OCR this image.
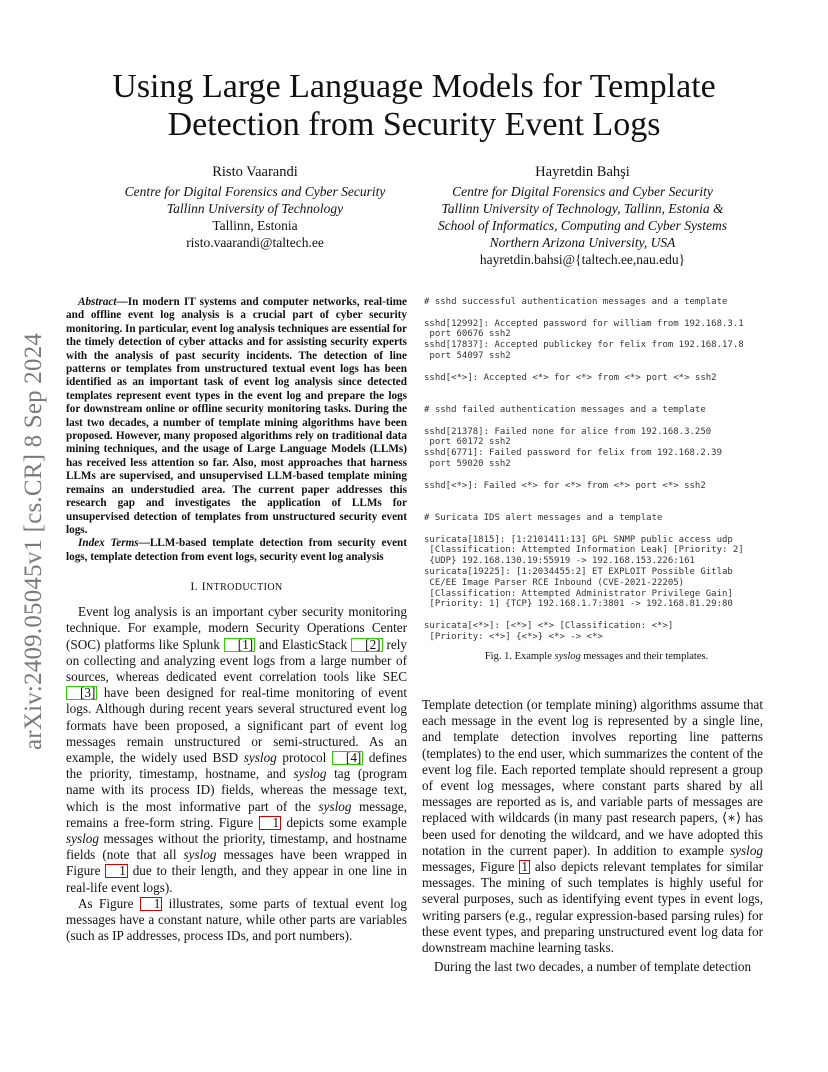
arXiv:2409.05045v1 [cs.CR] 8 Sep 2024
Using Large Language Models for Template
Detection from Security Event Logs
Risto Vaarandi
Centre for Digital Forensics and Cyber Security
Tallinn University of Technology
Tallinn, Estonia
risto.vaarandi@taltech.ee
Hayretdin Bahşi
Centre for Digital Forensics and Cyber Security
Tallinn University of Technology, Tallinn, Estonia &
School of Informatics, Computing and Cyber Systems
Northern Arizona University, USA
hayretdin.bahsi@{taltech.ee,nau.edu}
Abstract—In modern IT systems and computer networks, real-time and offline event log analysis is a crucial part of cyber security monitoring. In particular, event log analysis techniques are essential for the timely detection of cyber attacks and for assisting security experts with the analysis of past security incidents. The detection of line patterns or templates from unstructured textual event logs has been identified as an important task of event log analysis since detected templates represent event types in the event log and prepare the logs for downstream online or offline security monitoring tasks. During the last two decades, a number of template mining algorithms have been proposed. However, many proposed algorithms rely on traditional data mining techniques, and the usage of Large Language Models (LLMs) has received less attention so far. Also, most approaches that harness LLMs are supervised, and unsupervised LLM-based template mining remains an understudied area. The current paper addresses this research gap and investigates the application of LLMs for unsupervised detection of templates from unstructured security event logs.
Index Terms—LLM-based template detection from security event logs, template detection from event logs, security event log analysis
I. INTRODUCTION

Event log analysis is an important cyber security monitoring technique. For example, modern Security Operations Center (SOC) platforms like Splunk [1] and ElasticStack [2] rely on collecting and analyzing event logs from a large number of sources, whereas dedicated event correlation tools like SEC [3] have been designed for real-time monitoring of event logs. Although during recent years several structured event log formats have been proposed, a significant part of event log messages remain unstructured or semi-structured. As an example, the widely used BSD syslog protocol [4] defines the priority, timestamp, hostname, and syslog tag (program name with its process ID) fields, whereas the message text, which is the most informative part of the syslog message, remains a free-form string. Figure 1 depicts some example syslog messages without the priority, timestamp, and hostname fields (note that all syslog messages have been wrapped in Figure 1 due to their length, and they appear in one line in real-life event logs).

As Figure 1 illustrates, some parts of textual event log messages have a constant nature, while other parts are variables (such as IP addresses, process IDs, and port numbers).

# sshd successful authentication messages and a template
sshd[12992]: Accepted password for william from 192.168.3.1
port 60676 ssh2
sshd[17837]: Accepted publickey for felix from 192.168.17.8
port 54097 ssh2
sshd[<*>]: Accepted <*> for <*> from <*> port <*> ssh2
# sshd failed authentication messages and a template
sshd[21378]: Failed none for alice from 192.168.3.250
port 60172 ssh2
sshd[6771]: Failed password for felix from 192.168.2.39
port 59020 ssh2
sshd[<*>]: Failed <*> for <*> from <*> port <*> ssh2
# Suricata IDS alert messages and a template
suricata[1815]: [1:2101411:13] GPL SNMP public access udp
[Classification: Attempted Information Leak] [Priority: 2]
{UDP} 192.168.130.19:55919 -> 192.168.153.226:161
suricata[19225]: [1:2034455:2] ET EXPLOIT Possible Gitlab
CE/EE Image Parser RCE Inbound (CVE-2021-22205)
[Classification: Attempted Administrator Privilege Gain]
[Priority: 1] {TCP} 192.168.1.7:3801 -> 192.168.81.29:80
suricata[<*>]: [<*>] <*> [Classification: <*>]
[Priority: <*>] {<*>} <*> -> <*>
Fig. 1. Example syslog messages and their templates.

Template detection (or template mining) algorithms assume that each message in the event log is represented by a single line, and template detection involves reporting line patterns (templates) to the end user, which summarizes the content of the event log file. Each reported template should represent a group of event log messages, where constant parts shared by all messages are reported as is, and variable parts of messages are replaced with wildcards (in many past research papers, ⟨∗⟩ has been used for denoting the wildcard, and we have adopted this notation in the current paper). In addition to example syslog messages, Figure 1 also depicts relevant templates for similar messages. The mining of such templates is highly useful for several purposes, such as identifying event types in event logs, writing parsers (e.g., regular expression-based parsing rules) for these event types, and preparing unstructured event log data for downstream machine learning tasks.

During the last two decades, a number of template detection
